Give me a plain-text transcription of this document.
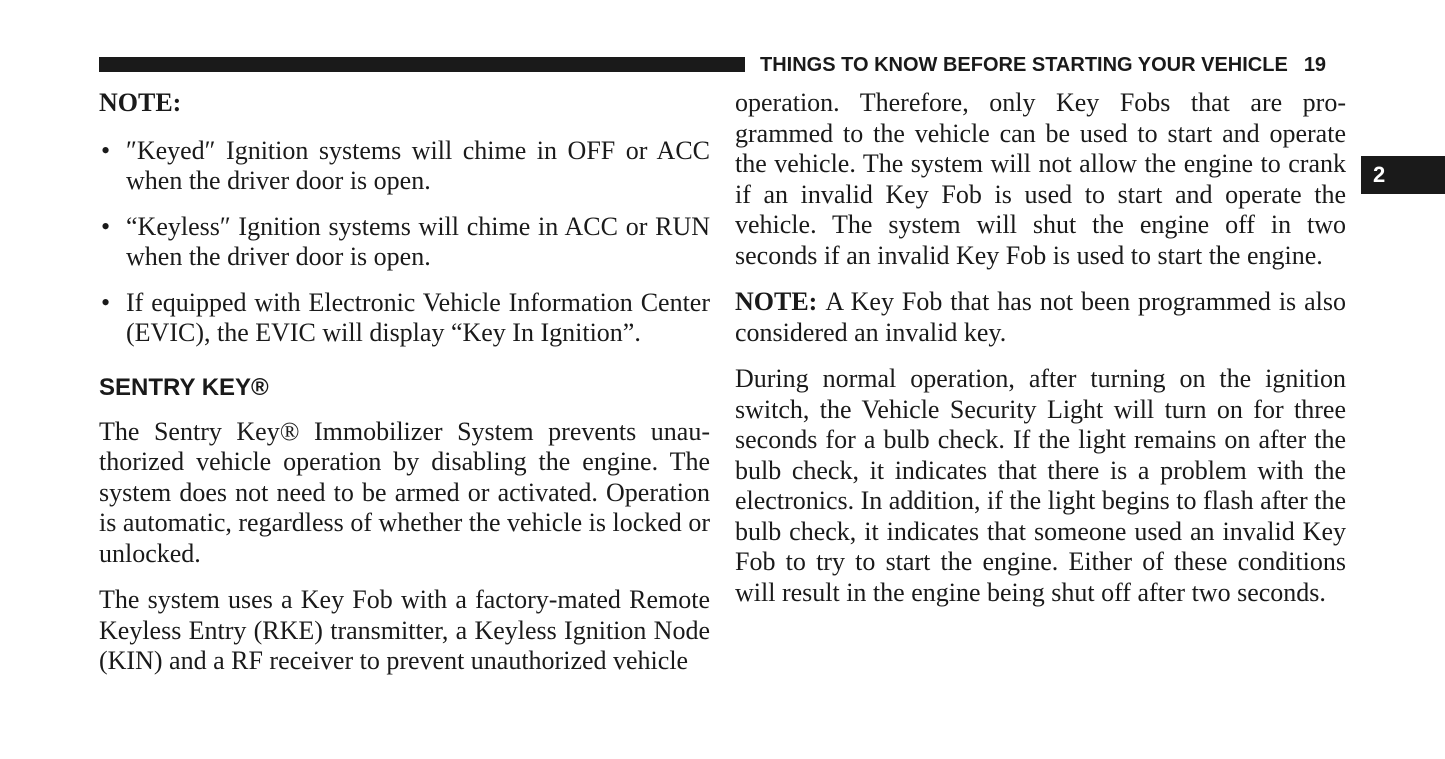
THINGS TO KNOW BEFORE STARTING YOUR VEHICLE 19
2

NOTE:

• ″Keyed″ Ignition systems will chime in OFF or ACC when the driver door is open.
• “Keyless″ Ignition systems will chime in ACC or RUN when the driver door is open.
• If equipped with Electronic Vehicle Information Center (EVIC), the EVIC will display “Key In Ignition”.
SENTRY KEY®

The Sentry Key® Immobilizer System prevents unau- thorized vehicle operation by disabling the engine. The system does not need to be armed or activated. Operation is automatic, regardless of whether the vehicle is locked or unlocked.

The system uses a Key Fob with a factory-mated Remote Keyless Entry (RKE) transmitter, a Keyless Ignition Node (KIN) and a RF receiver to prevent unauthorized vehicle

operation. Therefore, only Key Fobs that are pro- grammed to the vehicle can be used to start and operate the vehicle. The system will not allow the engine to crank if an invalid Key Fob is used to start and operate the vehicle. The system will shut the engine off in two seconds if an invalid Key Fob is used to start the engine.

NOTE: A Key Fob that has not been programmed is also considered an invalid key.

During normal operation, after turning on the ignition switch, the Vehicle Security Light will turn on for three seconds for a bulb check. If the light remains on after the bulb check, it indicates that there is a problem with the electronics. In addition, if the light begins to flash after the bulb check, it indicates that someone used an invalid Key Fob to try to start the engine. Either of these conditions will result in the engine being shut off after two seconds.
